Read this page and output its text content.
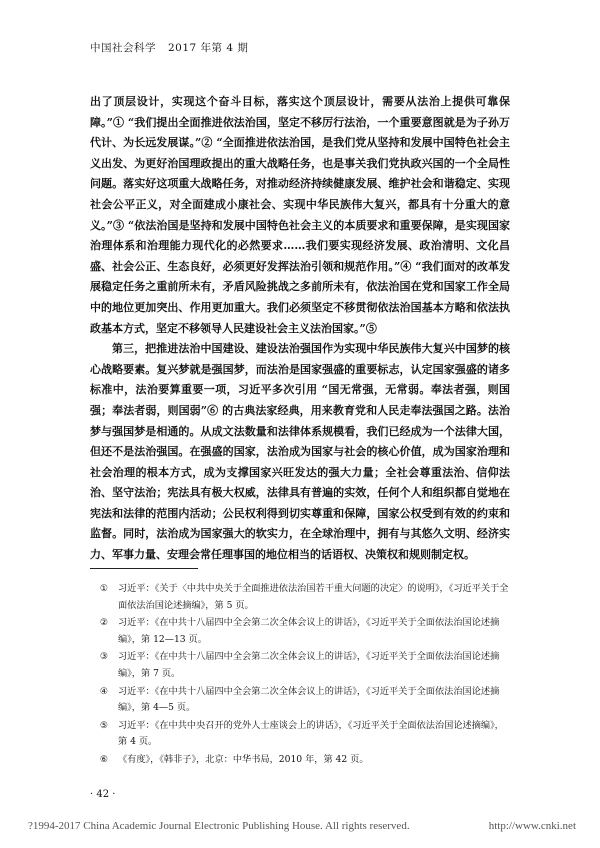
中国社会科学 2017 年第 4 期

出了顶层设计，实现这个奋斗目标，落实这个顶层设计，需要从法治上提供可靠保障。”① “我们提出全面推进依法治国，坚定不移厉行法治，一个重要意图就是为子孙万代计、为长远发展谋。”② “全面推进依法治国，是我们党从坚持和发展中国特色社会主义出发、为更好治国理政提出的重大战略任务，也是事关我们党执政兴国的一个全局性问题。落实好这项重大战略任务，对推动经济持续健康发展、维护社会和谐稳定、实现社会公平正义，对全面建成小康社会、实现中华民族伟大复兴，都具有十分重大的意义。”③ “依法治国是坚持和发展中国特色社会主义的本质要求和重要保障，是实现国家治理体系和治理能力现代化的必然要求……我们要实现经济发展、政治清明、文化昌盛、社会公正、生态良好，必须更好发挥法治引领和规范作用。”④ “我们面对的改革发展稳定任务之重前所未有，矛盾风险挑战之多前所未有，依法治国在党和国家工作全局中的地位更加突出、作用更加重大。我们必须坚定不移贯彻依法治国基本方略和依法执政基本方式，坚定不移领导人民建设社会主义法治国家。”⑤

第三，把推进法治中国建设、建设法治强国作为实现中华民族伟大复兴中国梦的核心战略要素。复兴梦就是强国梦，而法治是国家强盛的重要标志，认定国家强盛的诸多标准中，法治要算重要一项，习近平多次引用 “国无常强，无常弱。奉法者强，则国强；奉法者弱，则国弱”⑥ 的古典法家经典，用来教育党和人民走奉法强国之路。法治梦与强国梦是相通的。从成文法数量和法律体系规模看，我们已经成为一个法律大国，但还不是法治强国。在强盛的国家，法治成为国家与社会的核心价值，成为国家治理和社会治理的根本方式，成为支撑国家兴旺发达的强大力量；全社会尊重法治、信仰法治、坚守法治；宪法具有极大权威，法律具有普遍的实效，任何个人和组织都自觉地在宪法和法律的范围内活动；公民权利得到切实尊重和保障，国家公权受到有效的约束和监督。同时，法治成为国家强大的软实力，在全球治理中，拥有与其悠久文明、经济实力、军事力量、安理会常任理事国的地位相当的话语权、决策权和规则制定权。

①	习近平：《关于〈中共中央关于全面推进依法治国若干重大问题的决定〉的说明》，《习近平关于全面依法治国论述摘编》，第 5 页。
②	习近平：《在中共十八届四中全会第二次全体会议上的讲话》，《习近平关于全面依法治国论述摘编》，第 12—13 页。
③	习近平：《在中共十八届四中全会第二次全体会议上的讲话》，《习近平关于全面依法治国论述摘编》，第 7 页。
④	习近平：《在中共十八届四中全会第二次全体会议上的讲话》，《习近平关于全面依法治国论述摘编》，第 4—5 页。
⑤	习近平：《在中共中央召开的党外人士座谈会上的讲话》，《习近平关于全面依法治国论述摘编》，第 4 页。
⑥	《有度》，《韩非子》，北京：中华书局，2010 年，第 42 页。
· 42 ·
?1994-2017 China Academic Journal Electronic Publishing House. All rights reserved.	http://www.cnki.net
